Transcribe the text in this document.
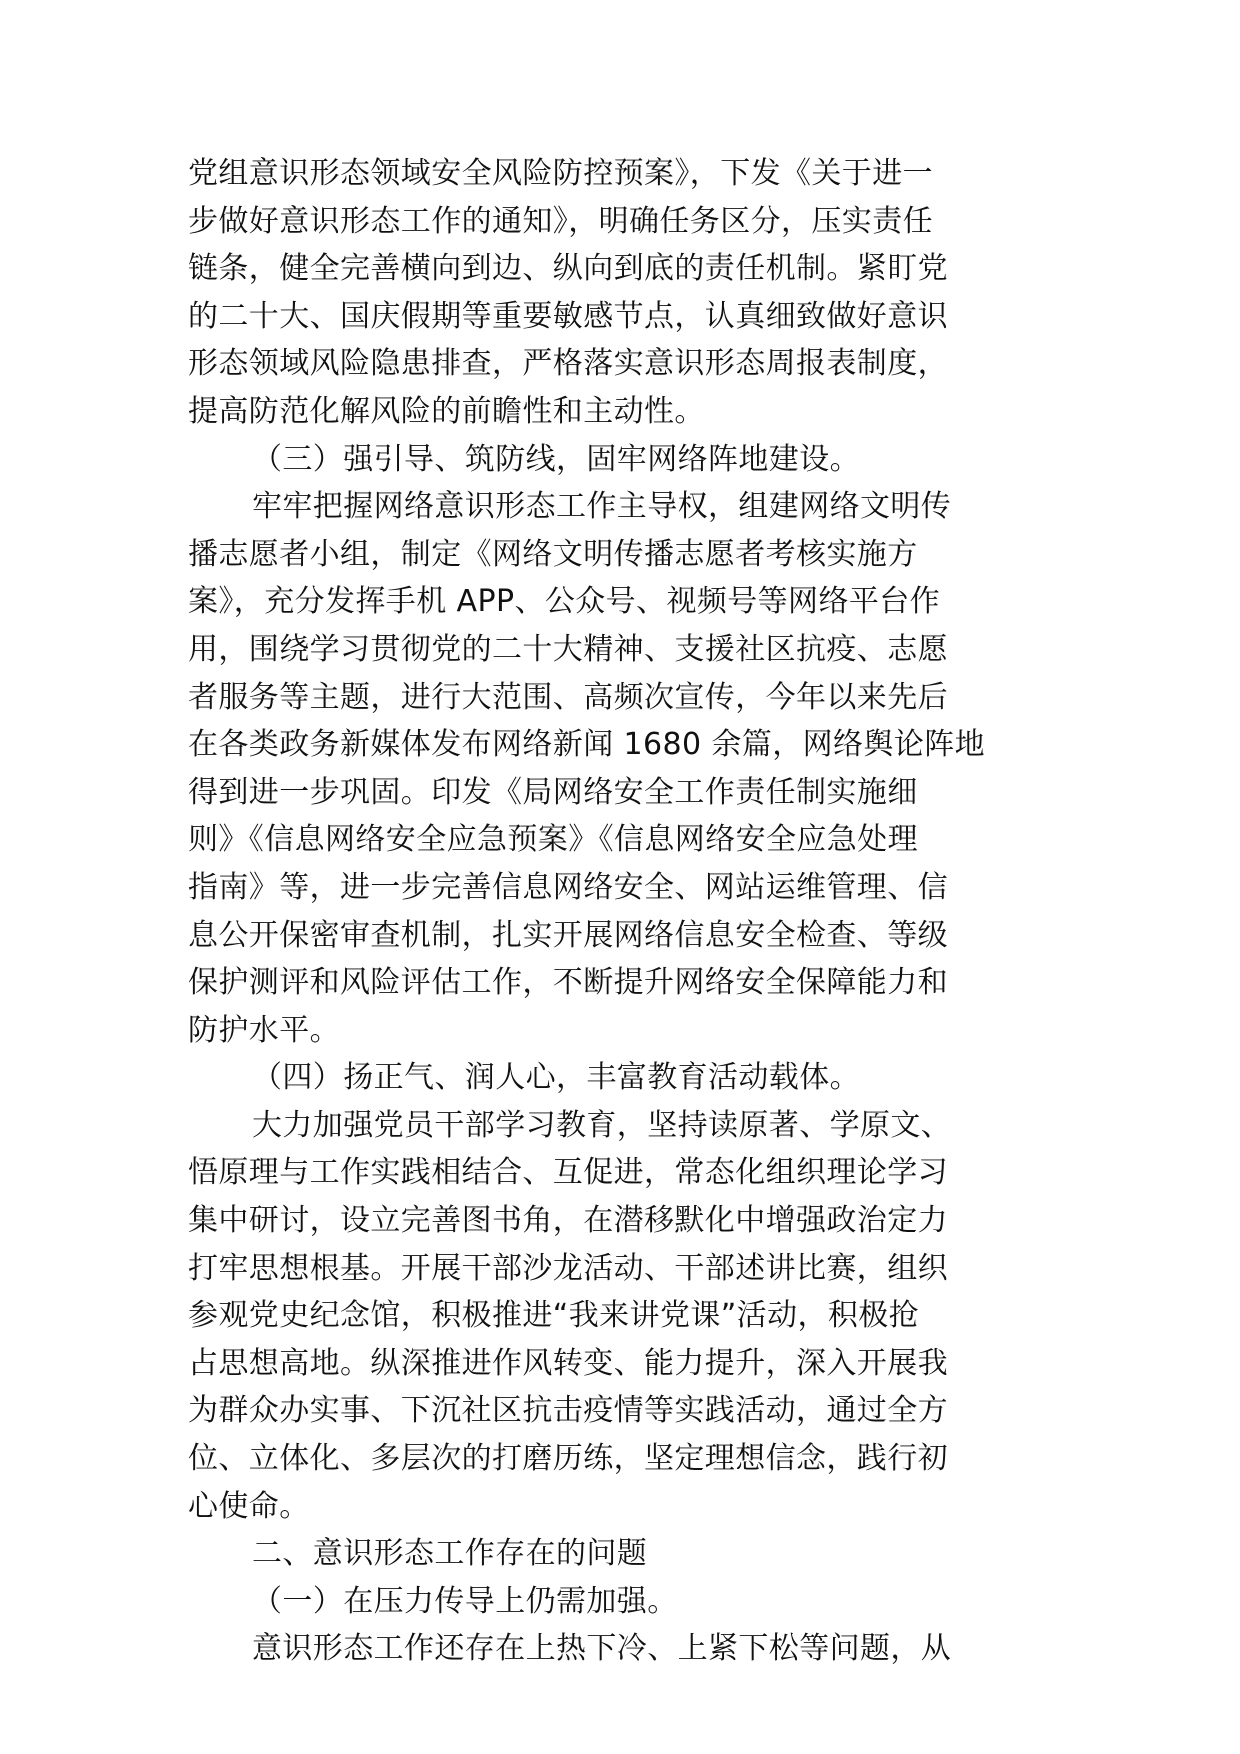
党组意识形态领域安全风险防控预案》，下发《关于进一
步做好意识形态工作的通知》，明确任务区分，压实责任
链条，健全完善横向到边、纵向到底的责任机制。紧盯党
的二十大、国庆假期等重要敏感节点，认真细致做好意识
形态领域风险隐患排查，严格落实意识形态周报表制度，
提高防范化解风险的前瞻性和主动性。
（三）强引导、筑防线，固牢网络阵地建设。
牢牢把握网络意识形态工作主导权，组建网络文明传
播志愿者小组，制定《网络文明传播志愿者考核实施方
案》，充分发挥手机 APP、公众号、视频号等网络平台作
用，围绕学习贯彻党的二十大精神、支援社区抗疫、志愿
者服务等主题，进行大范围、高频次宣传，今年以来先后
在各类政务新媒体发布网络新闻 1680 余篇，网络舆论阵地
得到进一步巩固。印发《局网络安全工作责任制实施细
则》《信息网络安全应急预案》《信息网络安全应急处理
指南》等，进一步完善信息网络安全、网站运维管理、信
息公开保密审查机制，扎实开展网络信息安全检查、等级
保护测评和风险评估工作，不断提升网络安全保障能力和
防护水平。
（四）扬正气、润人心，丰富教育活动载体。
大力加强党员干部学习教育，坚持读原著、学原文、
悟原理与工作实践相结合、互促进，常态化组织理论学习
集中研讨，设立完善图书角，在潜移默化中增强政治定力
打牢思想根基。开展干部沙龙活动、干部述讲比赛，组织
参观党史纪念馆，积极推进“我来讲党课”活动，积极抢
占思想高地。纵深推进作风转变、能力提升，深入开展我
为群众办实事、下沉社区抗击疫情等实践活动，通过全方
位、立体化、多层次的打磨历练，坚定理想信念，践行初
心使命。
二、意识形态工作存在的问题
（一）在压力传导上仍需加强。
意识形态工作还存在上热下冷、上紧下松等问题，从
